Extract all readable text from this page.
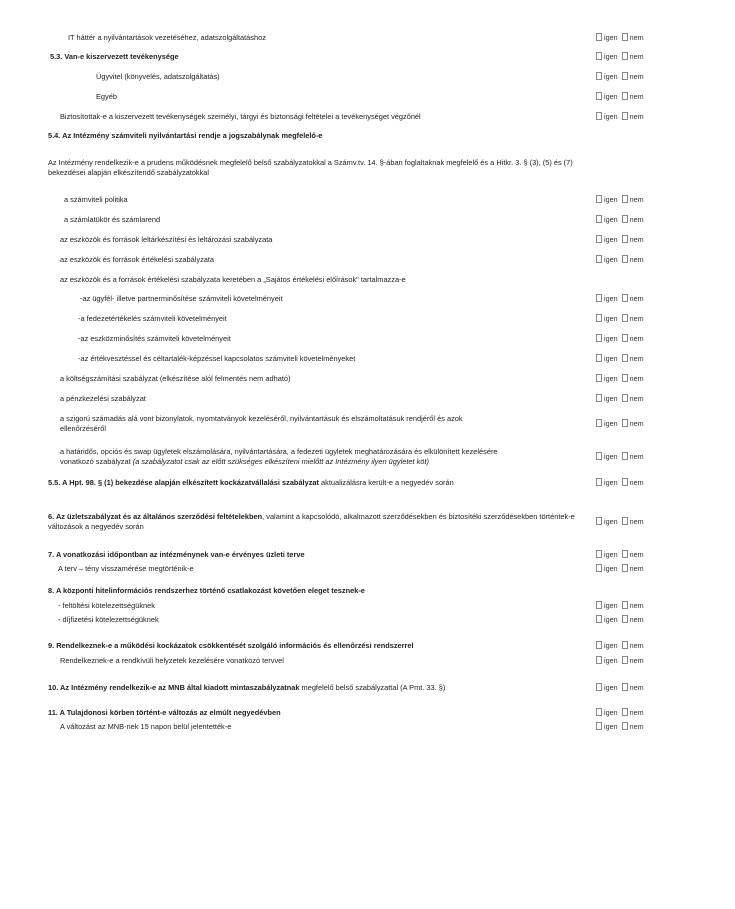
IT háttér a nyilvántartások vezetéséhez, adatszolgáltatáshoz	igen nem
5.3. Van-e kiszervezett tevékenysége	igen nem
Ügyvitel (könyvelés, adatszolgáltatás)	igen nem
Egyéb	igen nem
Biztosítottak-e a kiszervezett tevékenységek személyi, tárgyi és biztonsági feltételei a tevékenységet végzőnél	igen nem
5.4. Az Intézmény számviteli nyilvántartási rendje a jogszabálynak megfelelő-e
Az Intézmény rendelkezik-e a prudens működésnek megfelelő belső szabályzatokkal a Számv.tv. 14. §-ában foglaltaknak megfelelő és a Hitkr. 3. § (3), (5) és (7) bekezdései alapján elkészítendő szabályzatokkal
a számviteli politika	igen nem
a számlatükör és számlarend	igen nem
az eszközök és források leltárkészítési és leltározási szabályzata	igen nem
az eszközök és források értékelési szabályzata	igen nem
az eszközök és a források értékelési szabályzata keretében a „Sajátos értékelési előírások" tartalmazza-e
-az ügyfél- illetve partnerminősítése számviteli követelményeit	igen nem
-a fedezetértékelés számviteli követelményeit	igen nem
-az eszközminősítés számviteli követelményeit	igen nem
-az értékvesztéssel és céltartalék-képzéssel kapcsolatos számviteli követelményeket	igen nem
a költségszámítási szabályzat (elkészítése alól felmentés nem adható)	igen nem
a pénzkezelési szabályzat	igen nem
a szigorú számadás alá vont bizonylatok, nyomtatványok kezeléséről, nyilvántartásuk és elszámoltatásuk rendjéről és azok ellenőrzéséről
igen nem
a határidős, opciós és swap ügyletek elszámolására, nyilvántartására, a fedezeti ügyletek meghatározására és elkülönített kezelésére vonatkozó szabályzat (a szabályzatot csak az előtt szükséges elkészíteni mielőtt az Intézmény ilyen ügyletet köt)
igen nem
5.5. A Hpt. 98. § (1) bekezdése alapján elkészített kockázatvállalási szabályzat aktualizálásra került-e a negyedév során	igen nem
6. Az üzletszabályzat és az általános szerződési feltételekben, valamint a kapcsolódó, alkalmazott szerződésekben és biztosítéki szerződésekben történtek-e változások a negyedév során
igen nem
7. A vonatkozási időpontban az intézménynek van-e érvényes üzleti terve	igen nem
A terv – tény visszamérése megtörténik-e	igen nem
8. A központi hitelinformációs rendszerhez történő csatlakozást követően eleget tesznek-e
- feltöltési kötelezettségüknek	igen nem
- díjfizetési kötelezettségüknek	igen nem
9. Rendelkeznek-e a működési kockázatok csökkentését szolgáló információs és ellenőrzési rendszerrel	igen nem
Rendelkeznek-e a rendkívüli helyzetek kezelésére vonatkozó tervvel	igen nem
10. Az Intézmény rendelkezik-e az MNB által kiadott mintaszabályzatnak megfelelő belső szabályzattal (A Pmt. 33. §)	igen nem
11. A Tulajdonosi körben történt-e változás az elmúlt negyedévben	igen nem
A változást az MNB-nek 15 napon belül jelentették-e	igen nem
